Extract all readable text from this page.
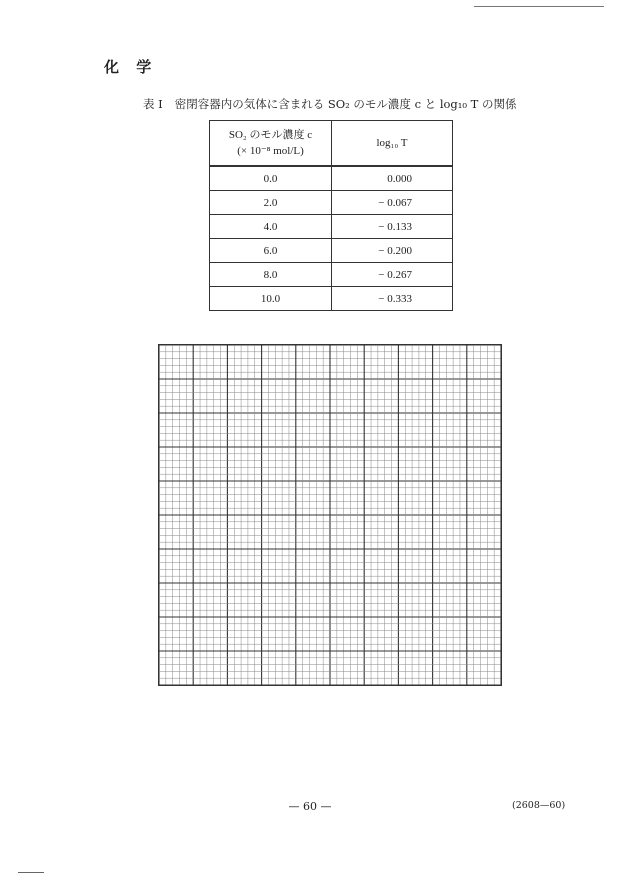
化 学
表 I 密閉容器内の気体に含まれる SO₂ のモル濃度 c と log₁₀ T の関係
SO₂ のモル濃度 c
(× 10⁻⁸ mol/L)	log₁₀ T
0.0	0.000
2.0	− 0.067
4.0	− 0.133
6.0	− 0.200
8.0	− 0.267
10.0	− 0.333
— 60 —	(2608—60)
